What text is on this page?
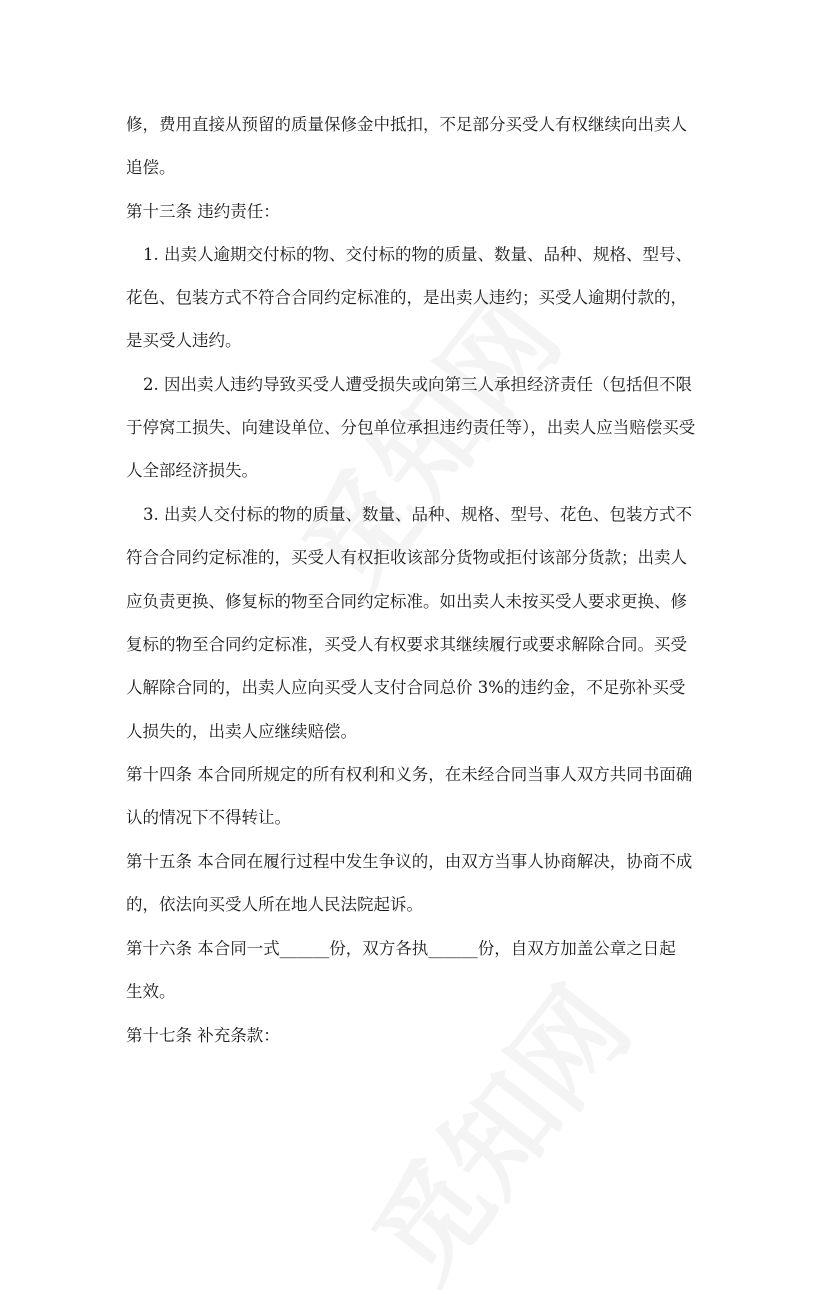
修，费用直接从预留的质量保修金中抵扣，不足部分买受人有权继续向出卖人
追偿。
第十三条 违约责任：
1. 出卖人逾期交付标的物、交付标的物的质量、数量、品种、规格、型号、
花色、包装方式不符合合同约定标准的，是出卖人违约；买受人逾期付款的，
是买受人违约。
2. 因出卖人违约导致买受人遭受损失或向第三人承担经济责任（包括但不限
于停窝工损失、向建设单位、分包单位承担违约责任等），出卖人应当赔偿买受
人全部经济损失。
3. 出卖人交付标的物的质量、数量、品种、规格、型号、花色、包装方式不
符合合同约定标准的，买受人有权拒收该部分货物或拒付该部分货款；出卖人
应负责更换、修复标的物至合同约定标准。如出卖人未按买受人要求更换、修
复标的物至合同约定标准，买受人有权要求其继续履行或要求解除合同。买受
人解除合同的，出卖人应向买受人支付合同总价 3%的违约金，不足弥补买受
人损失的，出卖人应继续赔偿。
第十四条 本合同所规定的所有权利和义务，在未经合同当事人双方共同书面确
认的情况下不得转让。
第十五条 本合同在履行过程中发生争议的，由双方当事人协商解决，协商不成
的，依法向买受人所在地人民法院起诉。
第十六条 本合同一式______份，双方各执______份，自双方加盖公章之日起
生效。
第十七条 补充条款：
